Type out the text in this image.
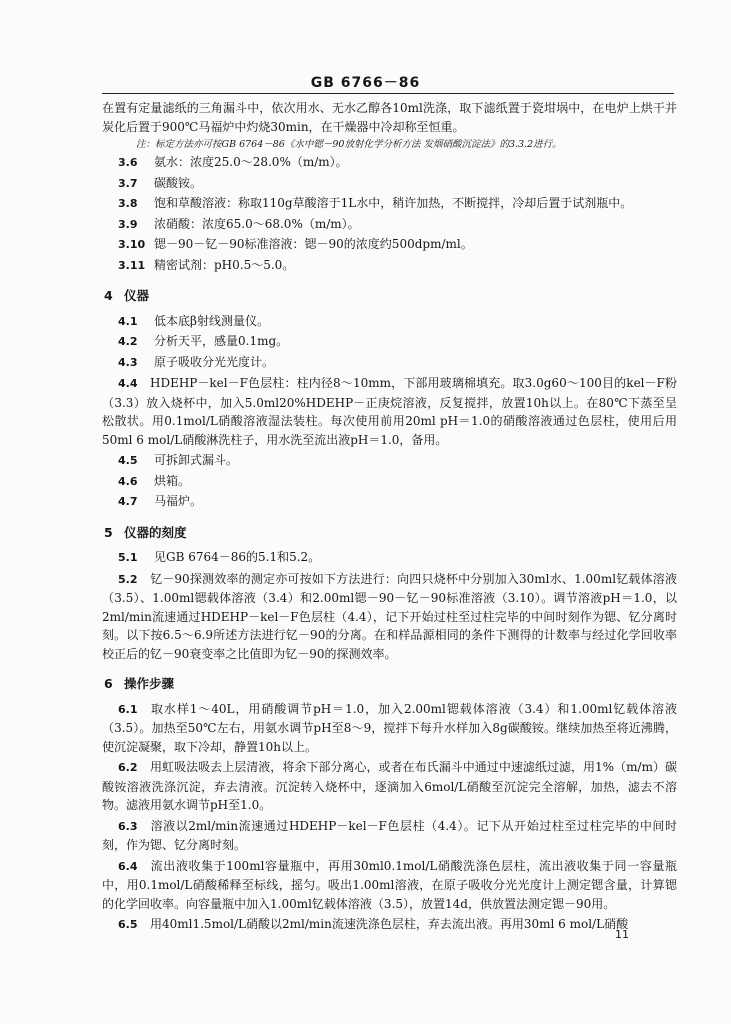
GB 6766－86

在置有定量滤纸的三角漏斗中，依次用水、无水乙醇各10ml洗涤，取下滤纸置于瓷坩埚中，在电炉上烘干并炭化后置于900℃马福炉中灼烧30min，在干燥器中冷却称至恒重。

注：标定方法亦可按GB 6764－86《水中锶－90放射化学分析方法 发烟硝酸沉淀法》的3.3.2进行。

3.6 氨水：浓度25.0～28.0%（m/m）。
3.7 碳酸铵。
3.8 饱和草酸溶液：称取110g草酸溶于1L水中，稍许加热，不断搅拌，冷却后置于试剂瓶中。
3.9 浓硝酸：浓度65.0～68.0%（m/m）。
3.10 锶－90－钇－90标准溶液：锶－90的浓度约500dpm/ml。
3.11 精密试剂：pH0.5～5.0。
4 仪器
4.1 低本底β射线测量仪。
4.2 分析天平，感量0.1mg。
4.3 原子吸收分光光度计。

4.4 HDEHP－kel－F色层柱：柱内径8～10mm，下部用玻璃棉填充。取3.0g60～100目的kel－F粉（3.3）放入烧杯中，加入5.0ml20%HDEHP－正庚烷溶液，反复搅拌，放置10h以上。在80℃下蒸至呈松散状。用0.1mol/L硝酸溶液湿法装柱。每次使用前用20ml pH＝1.0的硝酸溶液通过色层柱，使用后用50ml 6 mol/L硝酸淋洗柱子，用水洗至流出液pH＝1.0，备用。

4.5 可拆卸式漏斗。
4.6 烘箱。
4.7 马福炉。
5 仪器的刻度
5.1 见GB 6764－86的5.1和5.2。

5.2 钇－90探测效率的测定亦可按如下方法进行：向四只烧杯中分别加入30ml水、1.00ml钇载体溶液（3.5）、1.00ml锶载体溶液（3.4）和2.00ml锶－90－钇－90标准溶液（3.10）。调节溶液pH＝1.0，以2ml/min流速通过HDEHP－kel－F色层柱（4.4），记下开始过柱至过柱完毕的中间时刻作为锶、钇分离时刻。以下按6.5～6.9所述方法进行钇－90的分离。在和样品源相同的条件下测得的计数率与经过化学回收率校正后的钇－90衰变率之比值即为钇－90的探测效率。

6 操作步骤

6.1 取水样1～40L，用硝酸调节pH＝1.0，加入2.00ml锶载体溶液（3.4）和1.00ml钇载体溶液（3.5）。加热至50℃左右，用氨水调节pH至8～9，搅拌下每升水样加入8g碳酸铵。继续加热至将近沸腾，使沉淀凝聚，取下冷却，静置10h以上。

6.2 用虹吸法吸去上层清液，将余下部分离心，或者在布氏漏斗中通过中速滤纸过滤，用1%（m/m）碳酸铵溶液洗涤沉淀，弃去清液。沉淀转入烧杯中，逐滴加入6mol/L硝酸至沉淀完全溶解，加热，滤去不溶物。滤液用氨水调节pH至1.0。

6.3 溶液以2ml/min流速通过HDEHP－kel－F色层柱（4.4）。记下从开始过柱至过柱完毕的中间时刻，作为锶、钇分离时刻。

6.4 流出液收集于100ml容量瓶中，再用30ml0.1mol/L硝酸洗涤色层柱，流出液收集于同一容量瓶中，用0.1mol/L硝酸稀释至标线，摇匀。吸出1.00ml溶液，在原子吸收分光光度计上测定锶含量，计算锶的化学回收率。向容量瓶中加入1.00ml钇载体溶液（3.5），放置14d，供放置法测定锶－90用。

6.5 用40ml1.5mol/L硝酸以2ml/min流速洗涤色层柱，弃去流出液。再用30ml 6 mol/L硝酸

11
